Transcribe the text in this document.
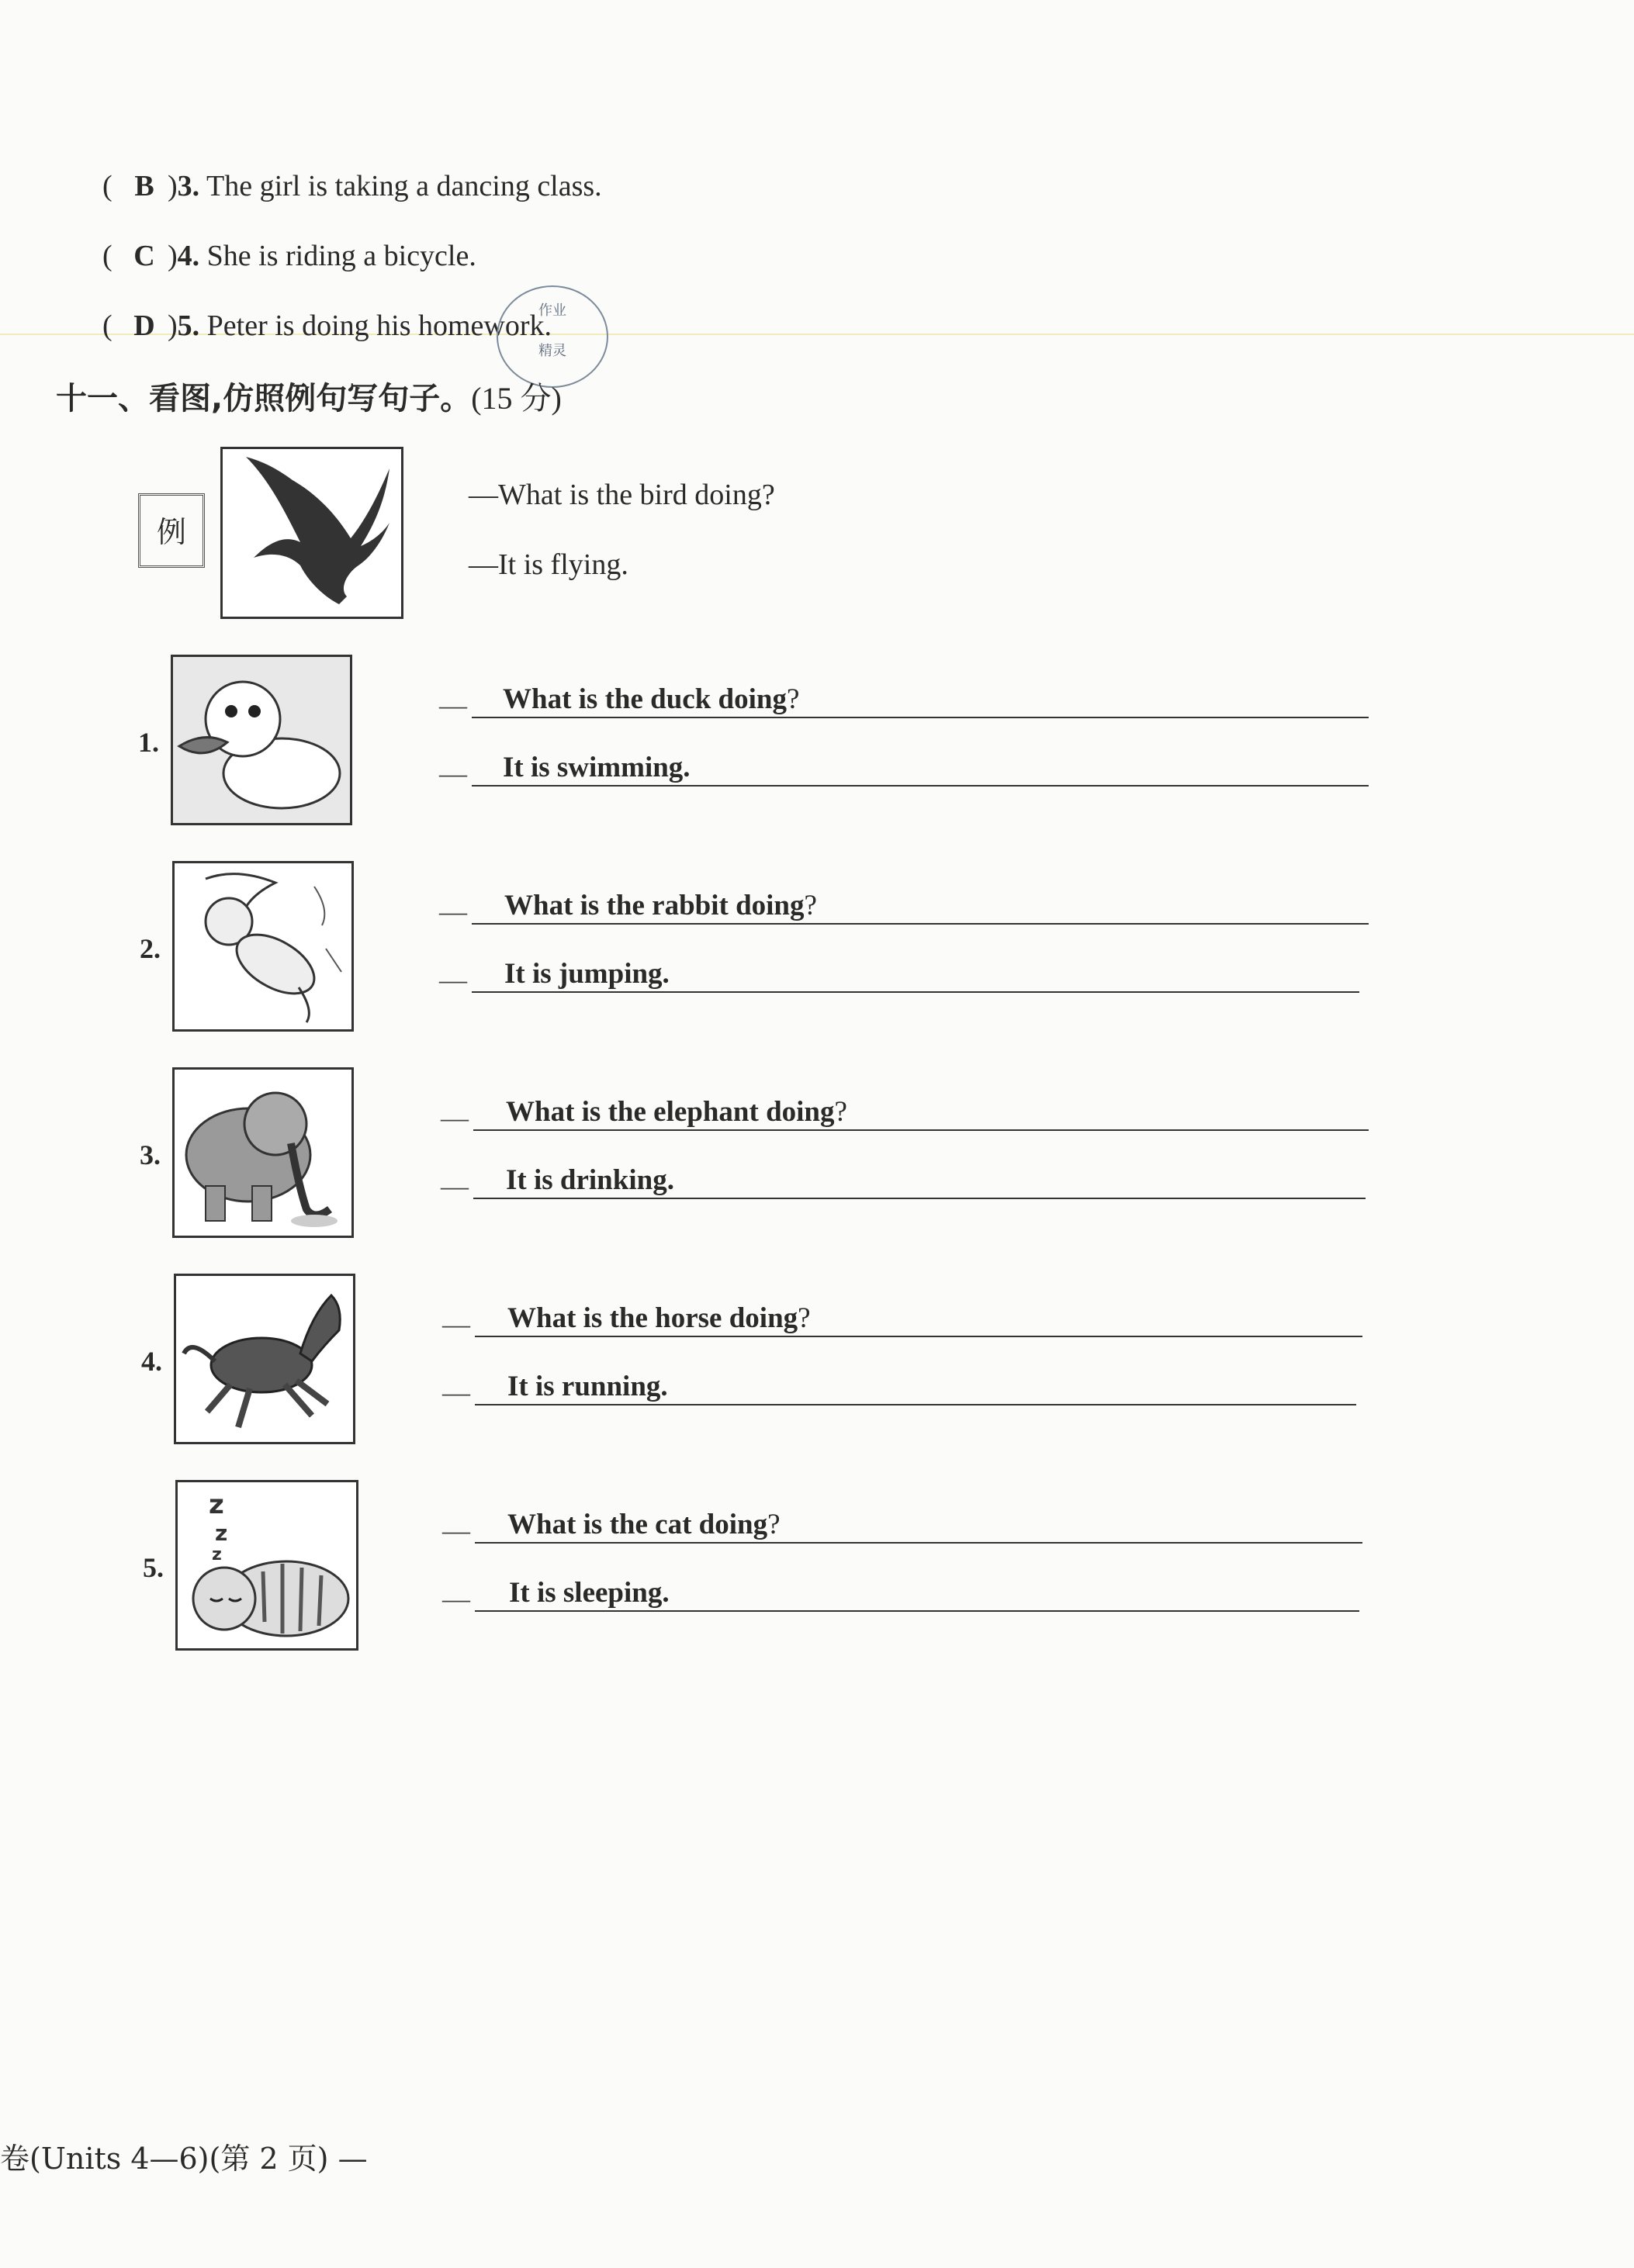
( B )3. The girl is taking a dancing class.
( C )4. She is riding a bicycle.
( D )5. Peter is doing his homework.
作业
精灵
十一、看图,仿照例句写句子。(15 分)
例
—What is the bird doing?
—It is flying.
1.
—	What is the duck doing?
—	It is swimming.
2.
—	What is the rabbit doing?
—	It is jumping.
3.
—	What is the elephant doing?
—	It is drinking.
4.
—	What is the horse doing?
—	It is running.
5.
z
z
z
—	What is the cat doing?
—	It is sleeping.
卷(Units 4—6)(第 2 页) —
